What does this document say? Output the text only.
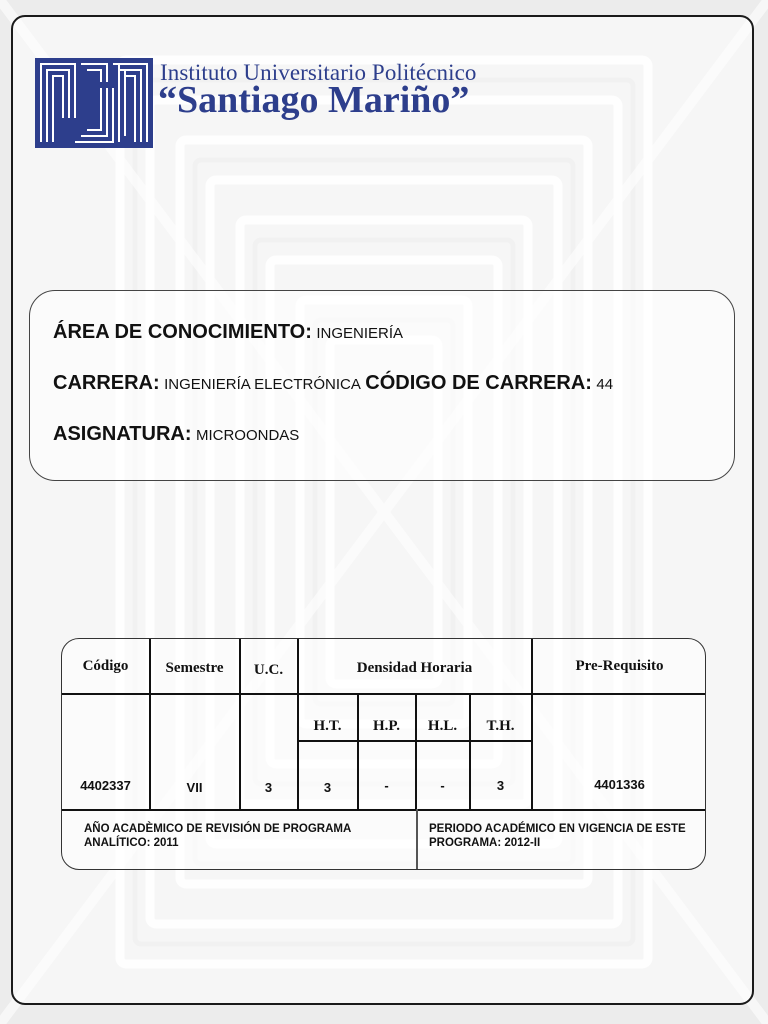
Instituto Universitario Politécnico
“Santiago Mariño”
ÁREA DE CONOCIMIENTO: INGENIERÍA
CARRERA: INGENIERÍA ELECTRÓNICA CÓDIGO DE CARRERA: 44
ASIGNATURA: MICROONDAS
Código	Semestre	U.C.	Densidad Horaria	Pre-Requisito
H.T.	H.P.	H.L.	T.H.
4402337	VII	3	3	-	-	3	4401336
AÑO ACADÈMICO DE REVISIÓN DE PROGRAMA ANALÍTICO: 2011
PERIODO ACADÉMICO EN VIGENCIA DE ESTE PROGRAMA: 2012-II
